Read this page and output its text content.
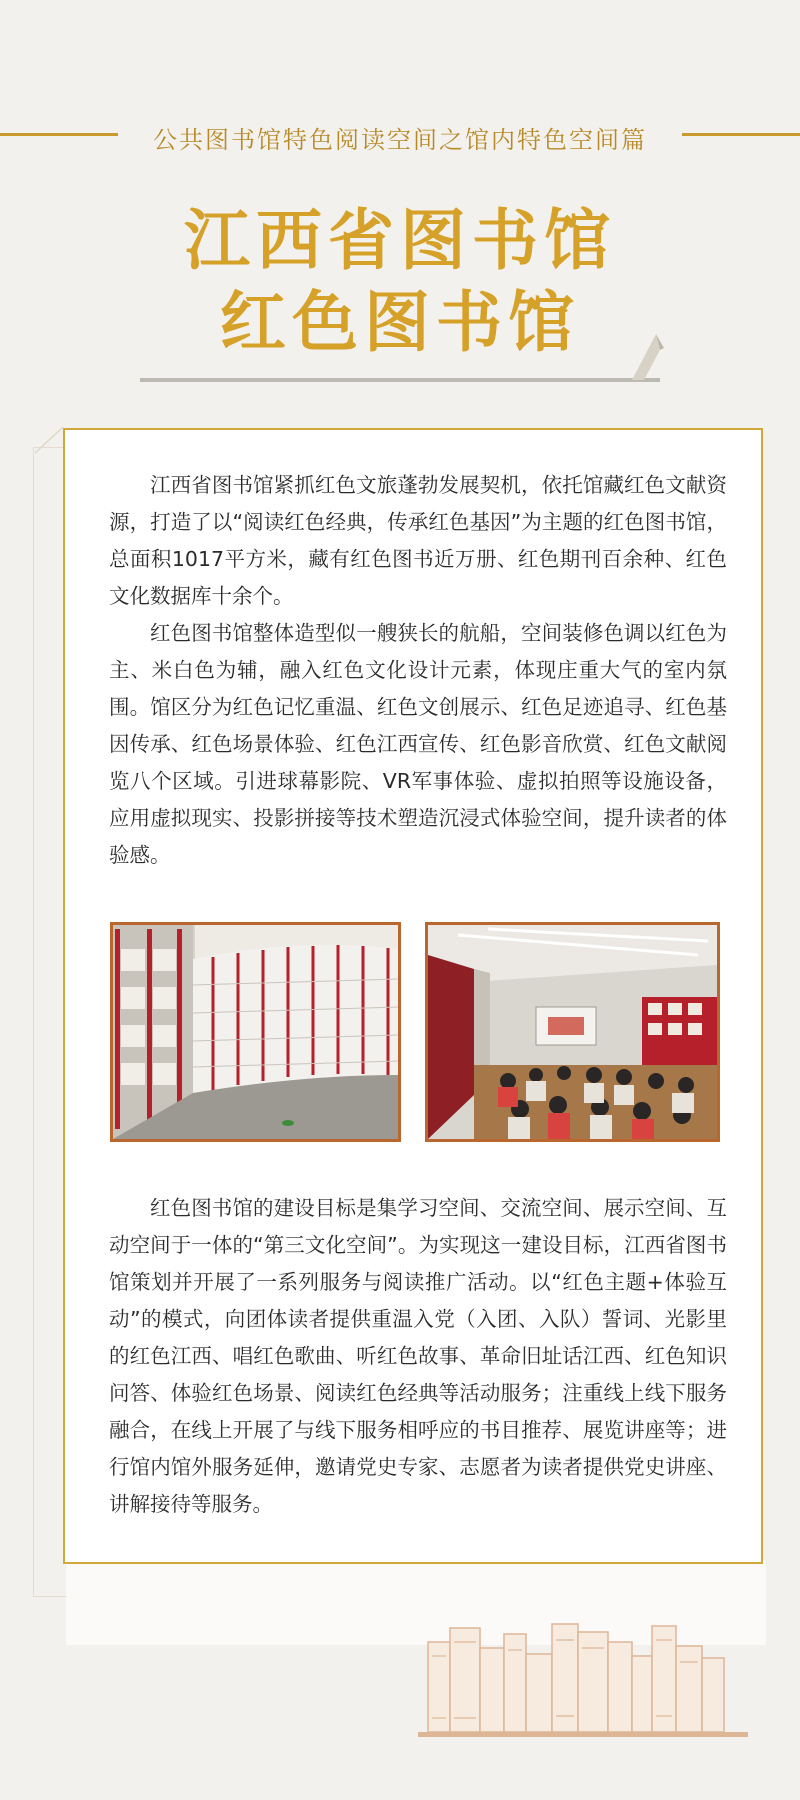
公共图书馆特色阅读空间之馆内特色空间篇
江西省图书馆
红色图书馆

江西省图书馆紧抓红色文旅蓬勃发展契机，依托馆藏红色文献资源，打造了以“阅读红色经典，传承红色基因”为主题的红色图书馆，总面积1017平方米，藏有红色图书近万册、红色期刊百余种、红色文化数据库十余个。

红色图书馆整体造型似一艘狭长的航船，空间装修色调以红色为主、米白色为辅，融入红色文化设计元素，体现庄重大气的室内氛围。馆区分为红色记忆重温、红色文创展示、红色足迹追寻、红色基因传承、红色场景体验、红色江西宣传、红色影音欣赏、红色文献阅览八个区域。引进球幕影院、VR军事体验、虚拟拍照等设施设备，应用虚拟现实、投影拼接等技术塑造沉浸式体验空间，提升读者的体验感。

红色图书馆的建设目标是集学习空间、交流空间、展示空间、互动空间于一体的“第三文化空间”。为实现这一建设目标，江西省图书馆策划并开展了一系列服务与阅读推广活动。以“红色主题+体验互动”的模式，向团体读者提供重温入党（入团、入队）誓词、光影里的红色江西、唱红色歌曲、听红色故事、革命旧址话江西、红色知识问答、体验红色场景、阅读红色经典等活动服务；注重线上线下服务融合，在线上开展了与线下服务相呼应的书目推荐、展览讲座等；进行馆内馆外服务延伸，邀请党史专家、志愿者为读者提供党史讲座、讲解接待等服务。
